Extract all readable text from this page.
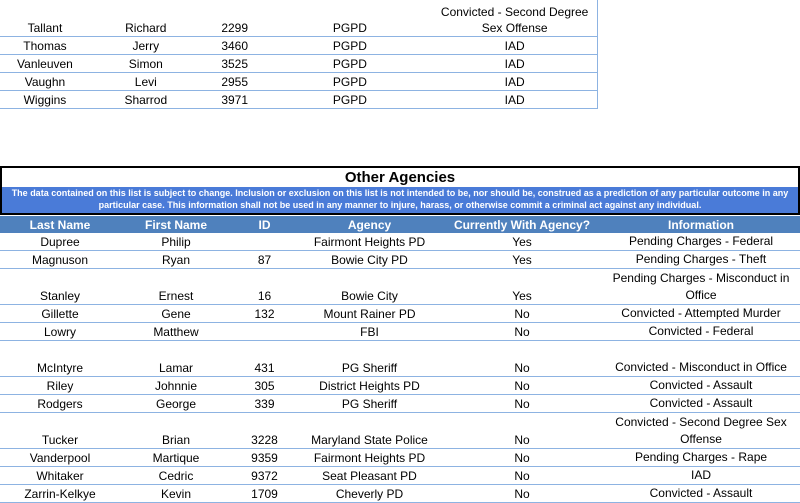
Tallant	Richard	2299	PGPD	Convicted - Second Degree Sex Offense
Thomas	Jerry	3460	PGPD	IAD
Vanleuven	Simon	3525	PGPD	IAD
Vaughn	Levi	2955	PGPD	IAD
Wiggins	Sharrod	3971	PGPD	IAD
Other Agencies
The data contained on this list is subject to change. Inclusion or exclusion on this list is not intended to be, nor should be, construed as a prediction of any particular outcome in any particular case. This information shall not be used in any manner to injure, harass, or otherwise commit a criminal act against any individual.
Last Name	First Name	ID	Agency	Currently With Agency?	Information
Dupree	Philip		Fairmont Heights PD	Yes	Pending Charges - Federal
Magnuson	Ryan	87	Bowie City PD	Yes	Pending Charges - Theft
Stanley	Ernest	16	Bowie City	Yes	Pending Charges - Misconduct in Office
Gillette	Gene	132	Mount Rainer PD	No	Convicted - Attempted Murder
Lowry	Matthew		FBI	No	Convicted - Federal
McIntyre	Lamar	431	PG Sheriff	No	Convicted - Misconduct in Office
Riley	Johnnie	305	District Heights PD	No	Convicted - Assault
Rodgers	George	339	PG Sheriff	No	Convicted - Assault
Tucker	Brian	3228	Maryland State Police	No	Convicted - Second Degree Sex Offense
Vanderpool	Martique	9359	Fairmont Heights PD	No	Pending Charges - Rape
Whitaker	Cedric	9372	Seat Pleasant PD	No	IAD
Zarrin-Kelkye	Kevin	1709	Cheverly PD	No	Convicted - Assault
